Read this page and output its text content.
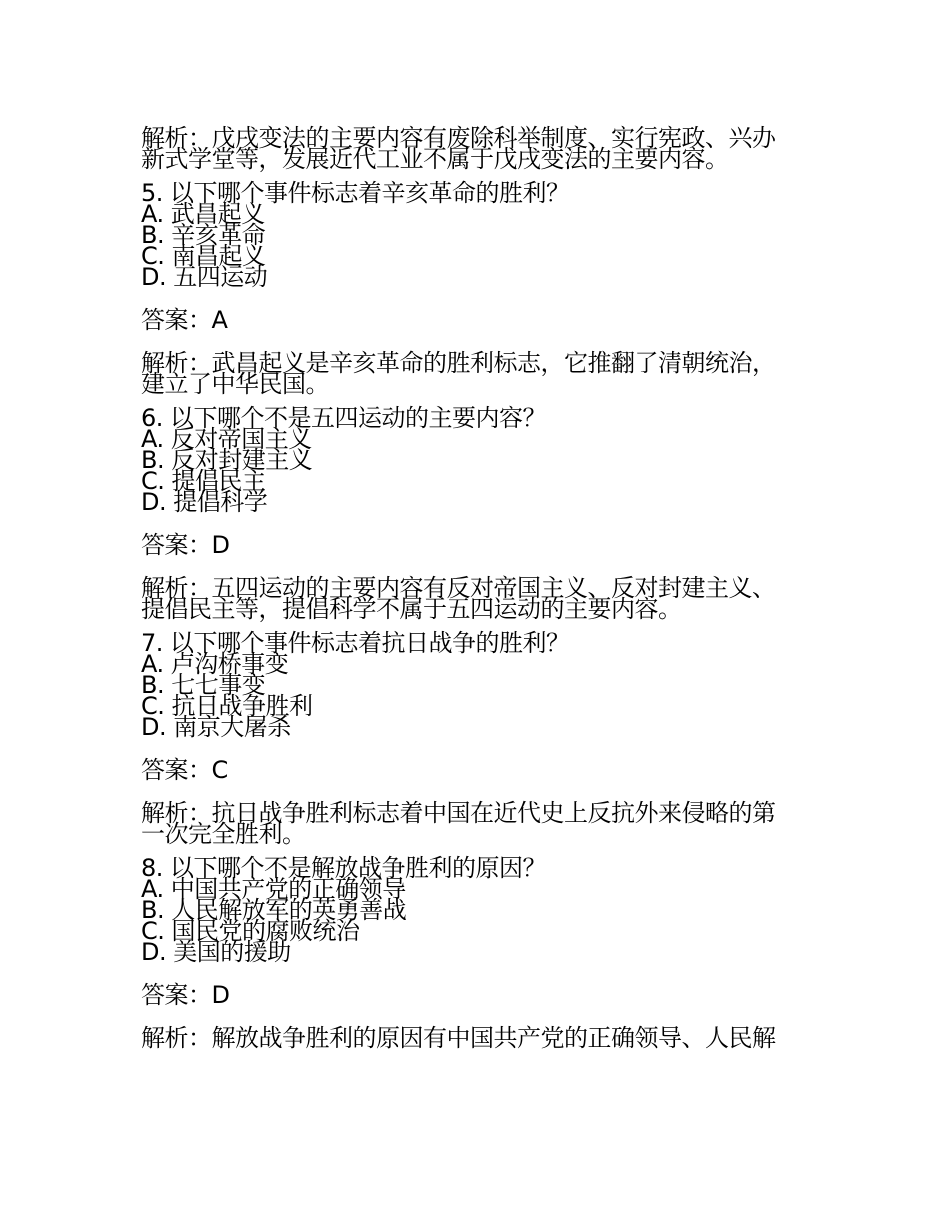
解析：戊戌变法的主要内容有废除科举制度、实行宪政、兴办
新式学堂等，发展近代工业不属于戊戌变法的主要内容。
5. 以下哪个事件标志着辛亥革命的胜利？
A. 武昌起义
B. 辛亥革命
C. 南昌起义
D. 五四运动
答案：A
解析：武昌起义是辛亥革命的胜利标志，它推翻了清朝统治，
建立了中华民国。
6. 以下哪个不是五四运动的主要内容？
A. 反对帝国主义
B. 反对封建主义
C. 提倡民主
D. 提倡科学
答案：D
解析：五四运动的主要内容有反对帝国主义、反对封建主义、
提倡民主等，提倡科学不属于五四运动的主要内容。
7. 以下哪个事件标志着抗日战争的胜利？
A. 卢沟桥事变
B. 七七事变
C. 抗日战争胜利
D. 南京大屠杀
答案：C
解析：抗日战争胜利标志着中国在近代史上反抗外来侵略的第
一次完全胜利。
8. 以下哪个不是解放战争胜利的原因？
A. 中国共产党的正确领导
B. 人民解放军的英勇善战
C. 国民党的腐败统治
D. 美国的援助
答案：D
解析：解放战争胜利的原因有中国共产党的正确领导、人民解
